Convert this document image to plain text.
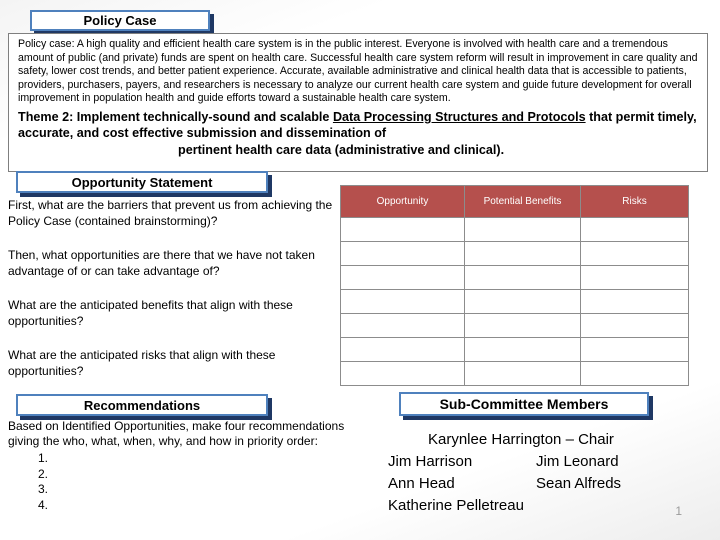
Policy Case

Policy case: A high quality and efficient health care system is in the public interest. Everyone is involved with health care and a tremendous amount of public (and private) funds are spent on health care. Successful health care system reform will result in improvement in care quality and safety, lower cost trends, and better patient experience. Accurate, available administrative and clinical health data that is accessible to patients, providers, purchasers, payers, and researchers is necessary to analyze our current health care system and guide future development for overall improvement in population health and guide efforts toward a sustainable health care system.

Theme 2: Implement technically-sound and scalable Data Processing Structures and Protocols that permit timely, accurate, and cost effective submission and dissemination of

pertinent health care data (administrative and clinical).

Opportunity Statement

First, what are the barriers that prevent us from achieving the Policy Case (contained brainstorming)?

Then, what opportunities are there that we have not taken advantage of or can take advantage of?

What are the anticipated benefits that align with these opportunities?

What are the anticipated risks that align with these opportunities?

Opportunity	Potential Benefits	Risks

Recommendations

Based on Identified Opportunities, make four recommendations giving the who, what, when, why, and how in priority order:

1.
2.
3.
4.
Sub-Committee Members
Karynlee Harrington – Chair
Jim Harrison	Jim Leonard
Ann Head	Sean Alfreds
Katherine Pelletreau	1
